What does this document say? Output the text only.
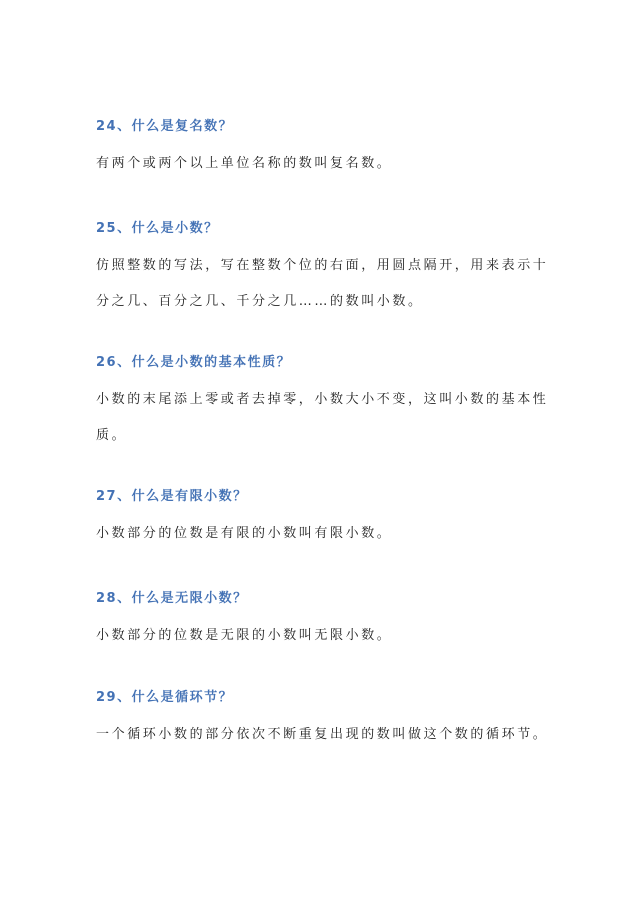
24、什么是复名数？

有两个或两个以上单位名称的数叫复名数。

25、什么是小数？

仿照整数的写法，写在整数个位的右面，用圆点隔开，用来表示十分之几、百分之几、千分之几……的数叫小数。

26、什么是小数的基本性质？

小数的末尾添上零或者去掉零，小数大小不变，这叫小数的基本性质。

27、什么是有限小数？

小数部分的位数是有限的小数叫有限小数。

28、什么是无限小数？

小数部分的位数是无限的小数叫无限小数。

29、什么是循环节？

一个循环小数的部分依次不断重复出现的数叫做这个数的循环节。
